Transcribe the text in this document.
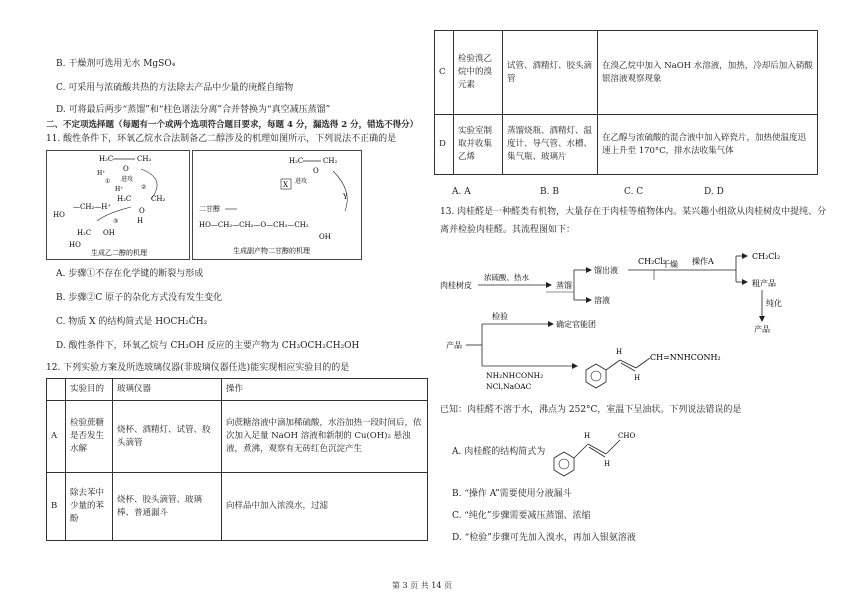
B. 干燥剂可选用无水 MgSO₄
C. 可采用与浓硫酸共热的方法除去产品中少量的庚醛自缩物
D. 可将最后两步“蒸馏”和“柱色谱法分离”合并替换为“真空减压蒸馏”
二、不定项选择题（每题有一个或两个选项符合题目要求，每题 4 分，漏选得 2 分，错选不得分）
11. 酸性条件下，环氧乙烷水合法制备乙二醇涉及的机理如图所示，下列说法不正确的是
H₂C	CH₂
O
H⁺
① 进攻
H⁺	②
H₂C	CH₂
O
H
HO
—CH₂—H⁺
③
H₂C
HO
OH
生成乙二醇的机理
H₂C	CH₂
O
进攻
X
Y
二甘醇
HO—CH₂—CH₂—O—CH₂—CH₂
OH
生成副产物二甘醇的机理
A. 步骤①不存在化学键的断裂与形成
B. 步骤②C 原子的杂化方式没有发生变化
C. 物质 X 的结构简式是 HOCH₂ĊH₂
D. 酸性条件下，环氧乙烷与 CH₃OH 反应的主要产物为 CH₃OCH₂CH₂OH
12. 下列实验方案及所选玻璃仪器(非玻璃仪器任选)能实现相应实验目的的是
	实验目的	玻璃仪器	操作
A	检验蔗糖是否发生水解	烧杯、酒精灯、试管、胶头滴管	向蔗糖溶液中滴加稀硫酸，水浴加热一段时间后，依次加入足量 NaOH 溶液和新制的 Cu(OH)₂ 悬浊液，煮沸，观察有无砖红色沉淀产生
B	除去苯中少量的苯酚	烧杯、胶头滴管、玻璃棒、普通漏斗	向样品中加入浓溴水，过滤
C	检验溴乙烷中的溴元素	试管、酒精灯、胶头滴管	在溴乙烷中加入 NaOH 水溶液，加热，冷却后加入硝酸银溶液观察现象
D	实验室制取并收集乙烯	蒸馏烧瓶、酒精灯、温度计、导气管、水槽、集气瓶、玻璃片	在乙醇与浓硫酸的混合液中加入碎瓷片，加热使温度迅速上升至 170°C，排水法收集气体
A. A	B. B	C. C	D. D
13. 肉桂醛是一种醛类有机物，大量存在于肉桂等植物体内。某兴趣小组欲从肉桂树皮中提纯、分
离并检验肉桂醛。其流程图如下：
肉桂树皮
浓硫酸、热水
蒸馏
馏出液
溶液
CH₂Cl₂
干燥 操作A
CH₂Cl₂
粗产品
纯化
产品
产品
检验
确定官能团
NH₂NHCONH₂
NCl,NaOAC
H
H
CH=NNHCONH₂
已知：肉桂醛不溶于水，沸点为 252°C，室温下呈油状。下列说法错误的是
A. 肉桂醛的结构简式为
H
H
CHO
B. “操作 A”需要使用分液漏斗
C. “纯化”步骤需要减压蒸馏、浓缩
D. “检验”步骤可先加入溴水，再加入银氨溶液
第 3 页 共 14 页
